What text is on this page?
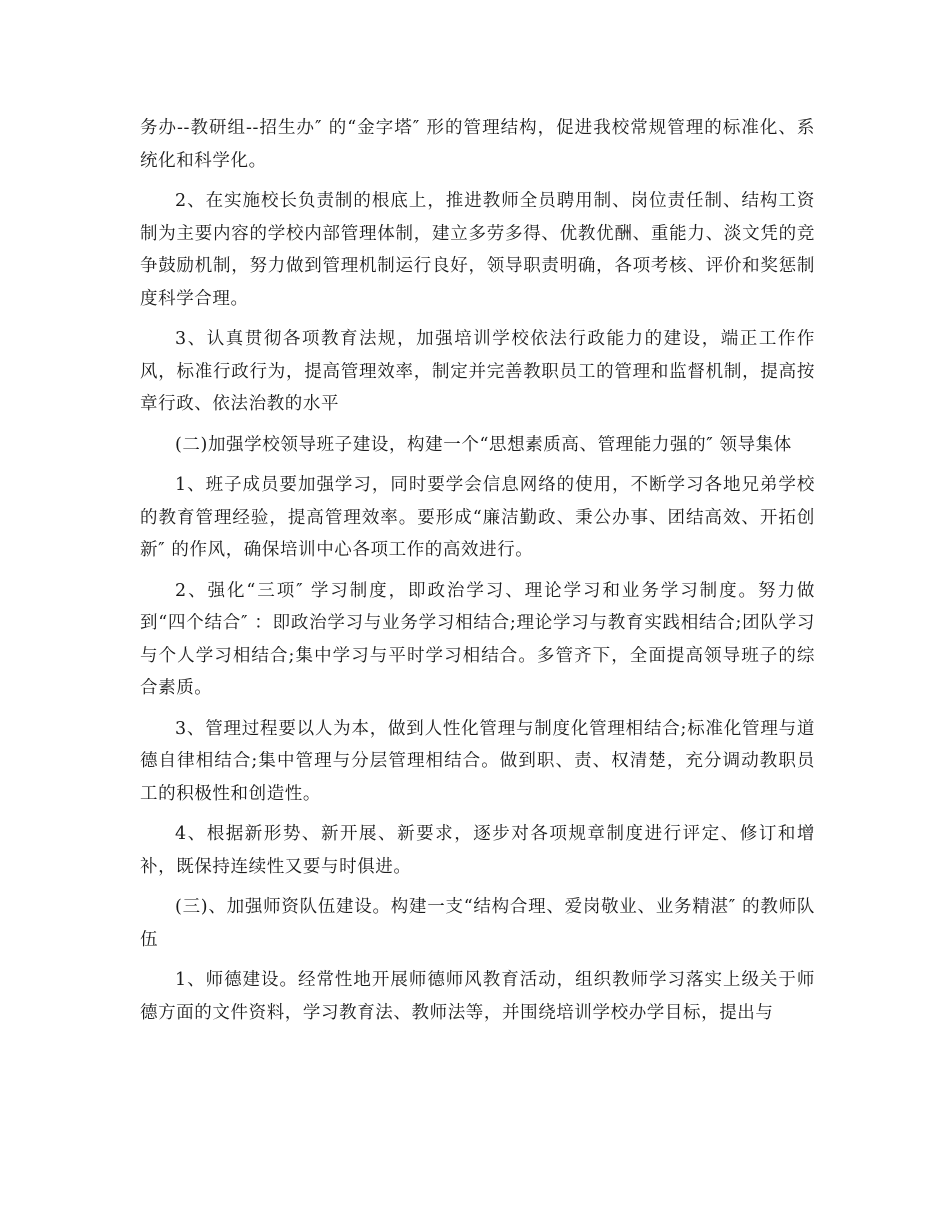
务办--教研组--招生办″ 的“金字塔″ 形的管理结构，促进我校常规管理的标准化、系统化和科学化。

2、在实施校长负责制的根底上，推进教师全员聘用制、岗位责任制、结构工资制为主要内容的学校内部管理体制，建立多劳多得、优教优酬、重能力、淡文凭的竞争鼓励机制，努力做到管理机制运行良好，领导职责明确，各项考核、评价和奖惩制度科学合理。

3、认真贯彻各项教育法规，加强培训学校依法行政能力的建设，端正工作作风，标准行政行为，提高管理效率，制定并完善教职员工的管理和监督机制，提高按章行政、依法治教的水平

(二)加强学校领导班子建设，构建一个“思想素质高、管理能力强的″ 领导集体

1、班子成员要加强学习，同时要学会信息网络的使用，不断学习各地兄弟学校的教育管理经验，提高管理效率。要形成“廉洁勤政、秉公办事、团结高效、开拓创新″ 的作风，确保培训中心各项工作的高效进行。

2、强化“三项″ 学习制度，即政治学习、理论学习和业务学习制度。努力做到“四个结合″ ：即政治学习与业务学习相结合;理论学习与教育实践相结合;团队学习与个人学习相结合;集中学习与平时学习相结合。多管齐下，全面提高领导班子的综合素质。

3、管理过程要以人为本，做到人性化管理与制度化管理相结合;标准化管理与道德自律相结合;集中管理与分层管理相结合。做到职、责、权清楚，充分调动教职员工的积极性和创造性。

4、根据新形势、新开展、新要求，逐步对各项规章制度进行评定、修订和增补，既保持连续性又要与时俱进。

(三)、加强师资队伍建设。构建一支“结构合理、爱岗敬业、业务精湛″ 的教师队伍

1、师德建设。经常性地开展师德师风教育活动，组织教师学习落实上级关于师德方面的文件资料，学习教育法、教师法等，并围绕培训学校办学目标，提出与
